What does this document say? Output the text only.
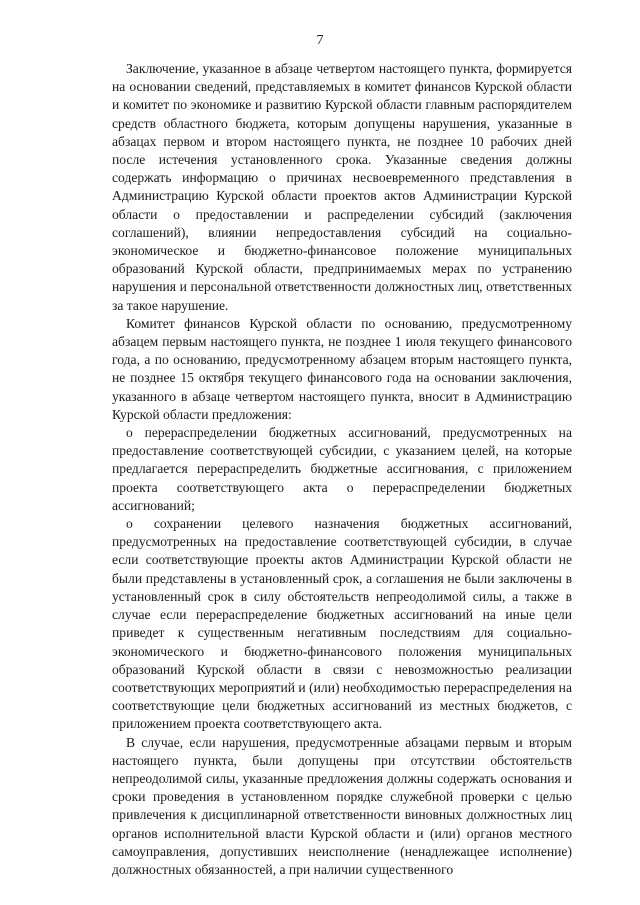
7

Заключение, указанное в абзаце четвертом настоящего пункта, формируется на основании сведений, представляемых в комитет финансов Курской области и комитет по экономике и развитию Курской области главным распорядителем средств областного бюджета, которым допущены нарушения, указанные в абзацах первом и втором настоящего пункта, не позднее 10 рабочих дней после истечения установленного срока. Указанные сведения должны содержать информацию о причинах несвоевременного представления в Администрацию Курской области проектов актов Администрации Курской области о предоставлении и распределении субсидий (заключения соглашений), влиянии непредоставления субсидий на социально-экономическое и бюджетно-финансовое положение муниципальных образований Курской области, предпринимаемых мерах по устранению нарушения и персональной ответственности должностных лиц, ответственных за такое нарушение.

Комитет финансов Курской области по основанию, предусмотренному абзацем первым настоящего пункта, не позднее 1 июля текущего финансового года, а по основанию, предусмотренному абзацем вторым настоящего пункта, не позднее 15 октября текущего финансового года на основании заключения, указанного в абзаце четвертом настоящего пункта, вносит в Администрацию Курской области предложения:

о перераспределении бюджетных ассигнований, предусмотренных на предоставление соответствующей субсидии, с указанием целей, на которые предлагается перераспределить бюджетные ассигнования, с приложением проекта соответствующего акта о перераспределении бюджетных ассигнований;

о сохранении целевого назначения бюджетных ассигнований, предусмотренных на предоставление соответствующей субсидии, в случае если соответствующие проекты актов Администрации Курской области не были представлены в установленный срок, а соглашения не были заключены в установленный срок в силу обстоятельств непреодолимой силы, а также в случае если перераспределение бюджетных ассигнований на иные цели приведет к существенным негативным последствиям для социально-экономического и бюджетно-финансового положения муниципальных образований Курской области в связи с невозможностью реализации соответствующих мероприятий и (или) необходимостью перераспределения на соответствующие цели бюджетных ассигнований из местных бюджетов, с приложением проекта соответствующего акта.

В случае, если нарушения, предусмотренные абзацами первым и вторым настоящего пункта, были допущены при отсутствии обстоятельств непреодолимой силы, указанные предложения должны содержать основания и сроки проведения в установленном порядке служебной проверки с целью привлечения к дисциплинарной ответственности виновных должностных лиц органов исполнительной власти Курской области и (или) органов местного самоуправления, допустивших неисполнение (ненадлежащее исполнение) должностных обязанностей, а при наличии существенного
